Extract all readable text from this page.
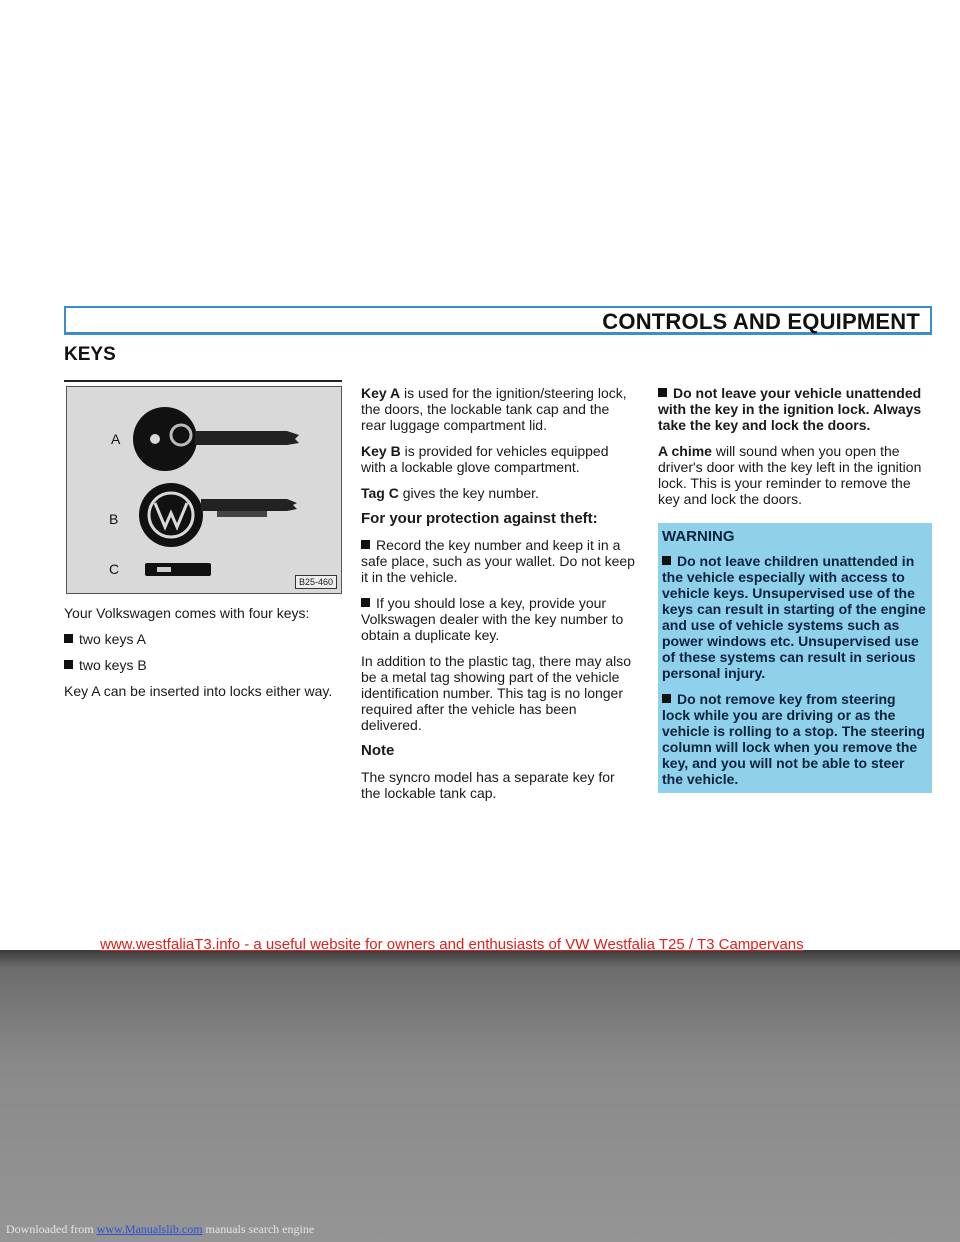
CONTROLS AND EQUIPMENT
KEYS
A
B
C
B25-460

Your Volkswagen comes with four keys:

two keys A

two keys B

Key A can be inserted into locks either way.

Key A is used for the ignition/steering lock, the doors, the lockable tank cap and the rear luggage compartment lid.

Key B is provided for vehicles equipped with a lockable glove compartment.

Tag C gives the key number.

For your protection against theft:

Record the key number and keep it in a safe place, such as your wallet. Do not keep it in the vehicle.

If you should lose a key, provide your Volkswagen dealer with the key number to obtain a duplicate key.

In addition to the plastic tag, there may also be a metal tag showing part of the vehicle identification number. This tag is no longer required after the vehicle has been delivered.

Note

The syncro model has a separate key for the lockable tank cap.

Do not leave your vehicle unattended with the key in the ignition lock. Always take the key and lock the doors.

A chime will sound when you open the driver's door with the key left in the ignition lock. This is your reminder to remove the key and lock the doors.

WARNING

Do not leave children unattended in the vehicle especially with access to vehicle keys. Unsupervised use of the keys can result in starting of the engine and use of vehicle systems such as power windows etc. Unsupervised use of these systems can result in serious personal injury.

Do not remove key from steering lock while you are driving or as the vehicle is rolling to a stop. The steering column will lock when you remove the key, and you will not be able to steer the vehicle.

www.westfaliaT3.info - a useful website for owners and enthusiasts of VW Westfalia T25 / T3 Campervans
Downloaded from www.Manualslib.com manuals search engine
